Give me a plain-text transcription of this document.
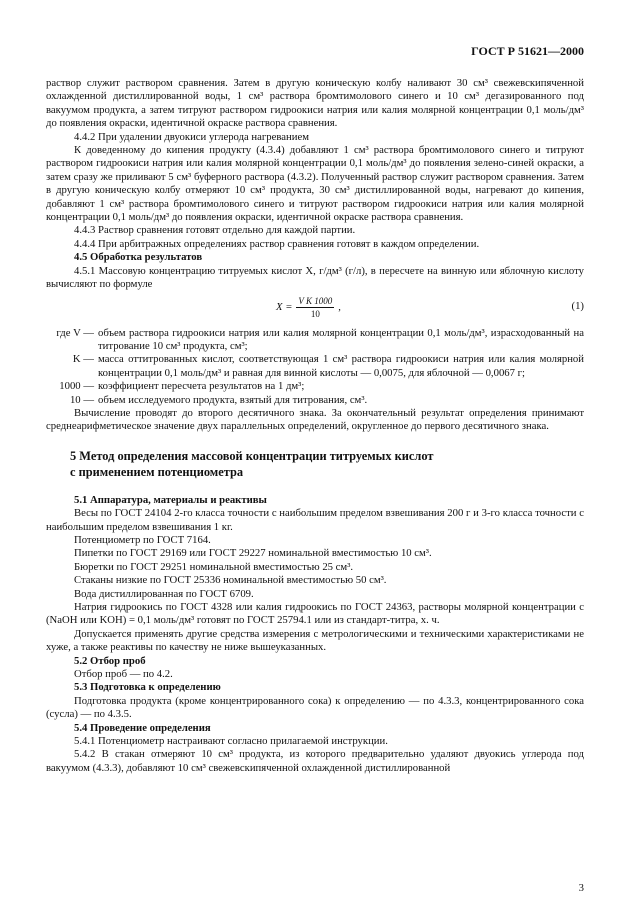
ГОСТ Р 51621—2000

раствор служит раствором сравнения. Затем в другую коническую колбу наливают 30 см³ свежевскипяченной охлажденной дистиллированной воды, 1 см³ раствора бромтимолового синего и 10 см³ дегазированного под вакуумом продукта, а затем титруют раствором гидроокиси натрия или калия молярной концентрации 0,1 моль/дм³ до появления окраски, идентичной окраске раствора сравнения.

4.4.2 При удалении двуокиси углерода нагреванием

К доведенному до кипения продукту (4.3.4) добавляют 1 см³ раствора бромтимолового синего и титруют раствором гидроокиси натрия или калия молярной концентрации 0,1 моль/дм³ до появления зелено-синей окраски, а затем сразу же приливают 5 см³ буферного раствора (4.3.2). Полученный раствор служит раствором сравнения. Затем в другую коническую колбу отмеряют 10 см³ продукта, 30 см³ дистиллированной воды, нагревают до кипения, добавляют 1 см³ раствора бромтимолового синего и титруют раствором гидроокиси натрия или калия молярной концентрации 0,1 моль/дм³ до появления окраски, идентичной окраске раствора сравнения.

4.4.3 Раствор сравнения готовят отдельно для каждой партии.

4.4.4 При арбитражных определениях раствор сравнения готовят в каждом определении.

4.5 Обработка результатов

4.5.1 Массовую концентрацию титруемых кислот X, г/дм³ (г/л), в пересчете на винную или яблочную кислоту вычисляют по формуле

$X = \frac{\text{V K 1000}}{10}$ ,	(1)
где V — объем раствора гидроокиси натрия или калия молярной концентрации 0,1 моль/дм³, израсходованный на титрование 10 см³ продукта, см³;
K — масса оттитрованных кислот, соответствующая 1 см³ раствора гидроокиси натрия или калия молярной концентрации 0,1 моль/дм³ и равная для винной кислоты — 0,0075, для яблочной — 0,0067 г;
1000 — коэффициент пересчета результатов на 1 дм³;
10 — объем исследуемого продукта, взятый для титрования, см³.

Вычисление проводят до второго десятичного знака. За окончательный результат определения принимают среднеарифметическое значение двух параллельных определений, округленное до первого десятичного знака.

5 Метод определения массовой концентрации титруемых кислот
с применением потенциометра

5.1 Аппаратура, материалы и реактивы

Весы по ГОСТ 24104 2-го класса точности с наибольшим пределом взвешивания 200 г и 3-го класса точности с наибольшим пределом взвешивания 1 кг.

Потенциометр по ГОСТ 7164.

Пипетки по ГОСТ 29169 или ГОСТ 29227 номинальной вместимостью 10 см³.

Бюретки по ГОСТ 29251 номинальной вместимостью 25 см³.

Стаканы низкие по ГОСТ 25336 номинальной вместимостью 50 см³.

Вода дистиллированная по ГОСТ 6709.

Натрия гидроокись по ГОСТ 4328 или калия гидроокись по ГОСТ 24363, растворы молярной концентрации c (NaOH или KOH) = 0,1 моль/дм³ готовят по ГОСТ 25794.1 или из стандарт-титра, х. ч.

Допускается применять другие средства измерения с метрологическими и техническими характеристиками не хуже, а также реактивы по качеству не ниже вышеуказанных.

5.2 Отбор проб

Отбор проб — по 4.2.

5.3 Подготовка к определению

Подготовка продукта (кроме концентрированного сока) к определению — по 4.3.3, концентрированного сока (сусла) — по 4.3.5.

5.4 Проведение определения

5.4.1 Потенциометр настраивают согласно прилагаемой инструкции.

5.4.2 В стакан отмеряют 10 см³ продукта, из которого предварительно удаляют двуокись углерода под вакуумом (4.3.3), добавляют 10 см³ свежевскипяченной охлажденной дистиллированной

3
